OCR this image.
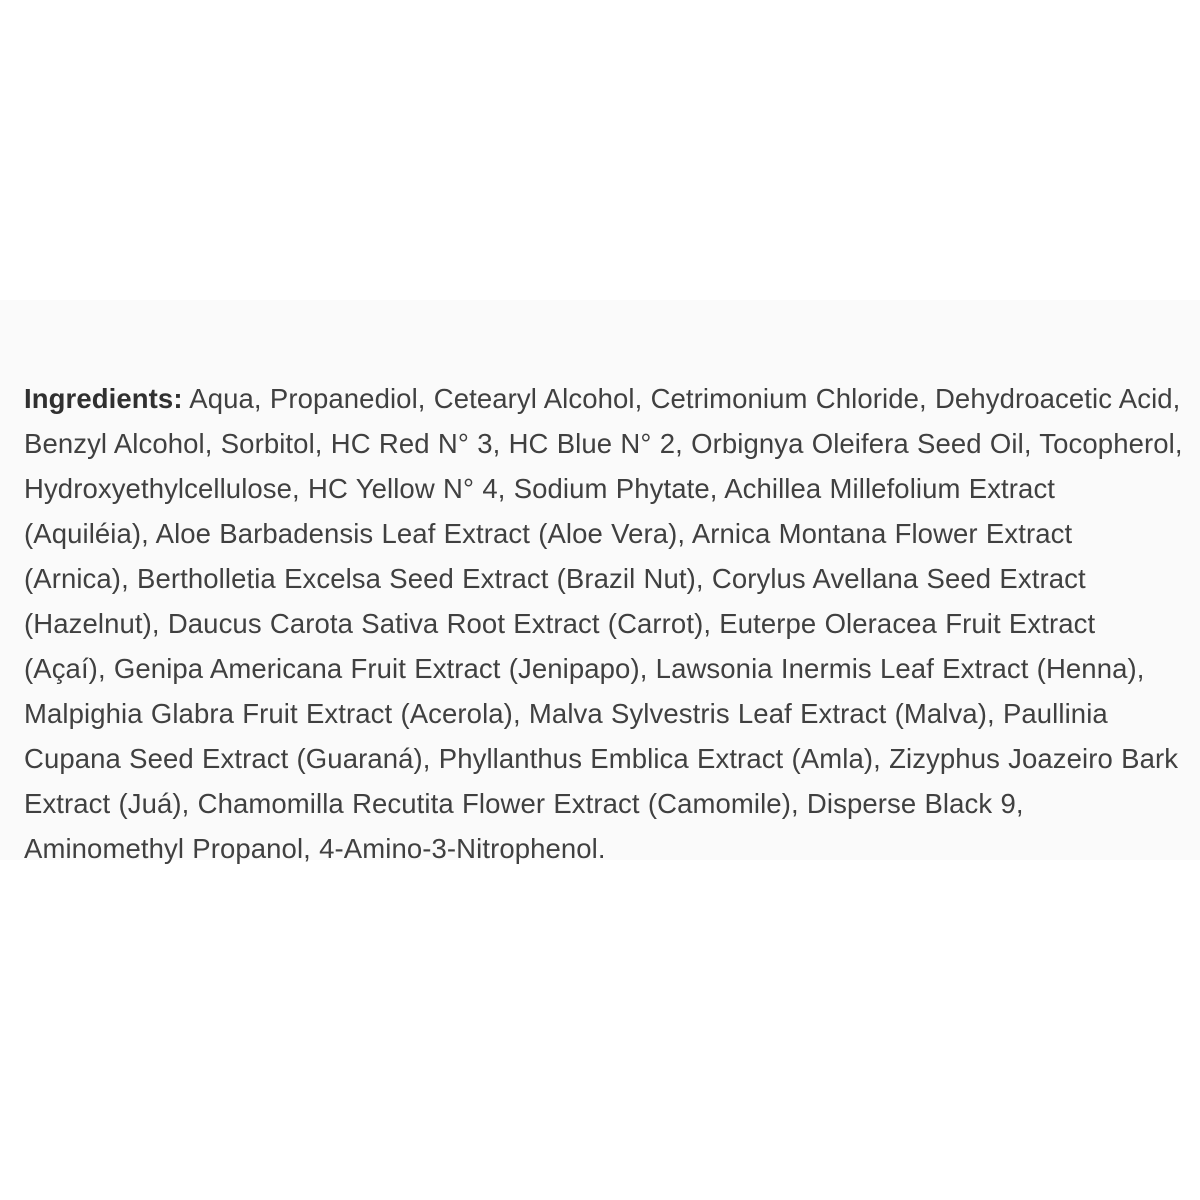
Ingredients: Aqua, Propanediol, Cetearyl Alcohol, Cetrimonium Chloride, Dehydroacetic Acid, Benzyl Alcohol, Sorbitol, HC Red N° 3, HC Blue N° 2, Orbignya Oleifera Seed Oil, Tocopherol, Hydroxyethylcellulose, HC Yellow N° 4, Sodium Phytate, Achillea Millefolium Extract (Aquiléia), Aloe Barbadensis Leaf Extract (Aloe Vera), Arnica Montana Flower Extract (Arnica), Bertholletia Excelsa Seed Extract (Brazil Nut), Corylus Avellana Seed Extract (Hazelnut), Daucus Carota Sativa Root Extract (Carrot), Euterpe Oleracea Fruit Extract (Açaí), Genipa Americana Fruit Extract (Jenipapo), Lawsonia Inermis Leaf Extract (Henna), Malpighia Glabra Fruit Extract (Acerola), Malva Sylvestris Leaf Extract (Malva), Paullinia Cupana Seed Extract (Guaraná), Phyllanthus Emblica Extract (Amla), Zizyphus Joazeiro Bark Extract (Juá), Chamomilla Recutita Flower Extract (Camomile), Disperse Black 9, Aminomethyl Propanol, 4-Amino-3-Nitrophenol.
